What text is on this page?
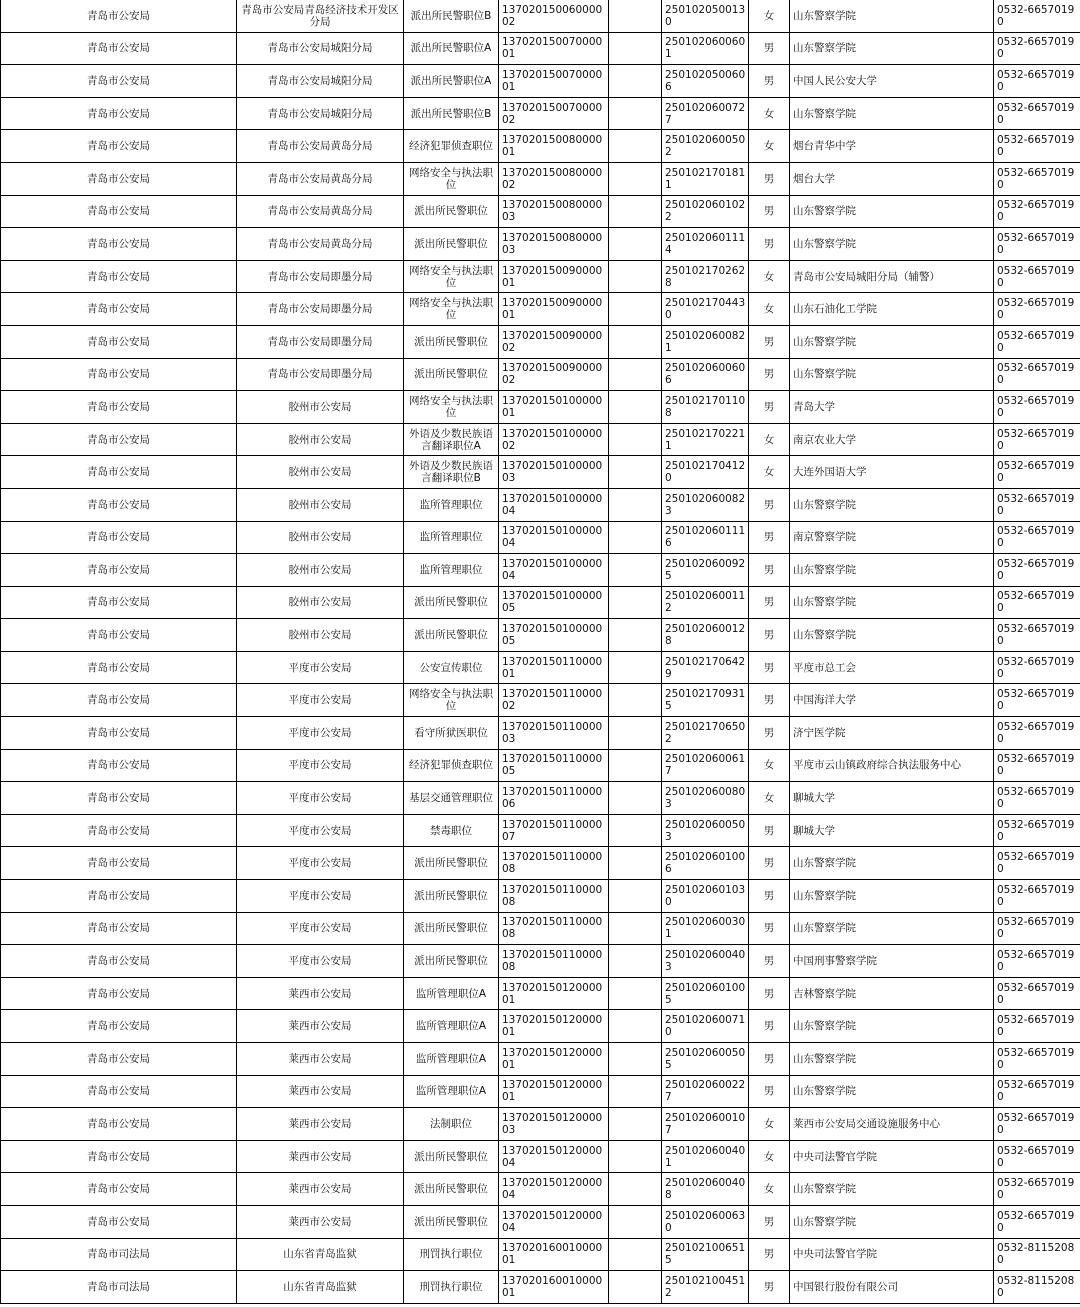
青岛市公安局	青岛市公安局青岛经济技术开发区分局	派出所民警职位B	13702015006000002		2501020500130	女	山东警察学院	0532-66570190
青岛市公安局	青岛市公安局城阳分局	派出所民警职位A	13702015007000001		2501020600601	男	山东警察学院	0532-66570190
青岛市公安局	青岛市公安局城阳分局	派出所民警职位A	13702015007000001		2501020500606	男	中国人民公安大学	0532-66570190
青岛市公安局	青岛市公安局城阳分局	派出所民警职位B	13702015007000002		2501020600727	女	山东警察学院	0532-66570190
青岛市公安局	青岛市公安局黄岛分局	经济犯罪侦查职位	13702015008000001		2501020600502	女	烟台青华中学	0532-66570190
青岛市公安局	青岛市公安局黄岛分局	网络安全与执法职位	13702015008000002		2501021701811	男	烟台大学	0532-66570190
青岛市公安局	青岛市公安局黄岛分局	派出所民警职位	13702015008000003		2501020601022	男	山东警察学院	0532-66570190
青岛市公安局	青岛市公安局黄岛分局	派出所民警职位	13702015008000003		2501020601114	男	山东警察学院	0532-66570190
青岛市公安局	青岛市公安局即墨分局	网络安全与执法职位	13702015009000001		2501021702628	女	青岛市公安局城阳分局（辅警）	0532-66570190
青岛市公安局	青岛市公安局即墨分局	网络安全与执法职位	13702015009000001		2501021704430	女	山东石油化工学院	0532-66570190
青岛市公安局	青岛市公安局即墨分局	派出所民警职位	13702015009000002		2501020600821	男	山东警察学院	0532-66570190
青岛市公安局	青岛市公安局即墨分局	派出所民警职位	13702015009000002		2501020600606	男	山东警察学院	0532-66570190
青岛市公安局	胶州市公安局	网络安全与执法职位	13702015010000001		2501021701108	男	青岛大学	0532-66570190
青岛市公安局	胶州市公安局	外语及少数民族语言翻译职位A	13702015010000002		2501021702211	女	南京农业大学	0532-66570190
青岛市公安局	胶州市公安局	外语及少数民族语言翻译职位B	13702015010000003		2501021704120	女	大连外国语大学	0532-66570190
青岛市公安局	胶州市公安局	监所管理职位	13702015010000004		2501020600823	男	山东警察学院	0532-66570190
青岛市公安局	胶州市公安局	监所管理职位	13702015010000004		2501020601116	男	南京警察学院	0532-66570190
青岛市公安局	胶州市公安局	监所管理职位	13702015010000004		2501020600925	男	山东警察学院	0532-66570190
青岛市公安局	胶州市公安局	派出所民警职位	13702015010000005		2501020600112	男	山东警察学院	0532-66570190
青岛市公安局	胶州市公安局	派出所民警职位	13702015010000005		2501020600128	男	山东警察学院	0532-66570190
青岛市公安局	平度市公安局	公安宣传职位	13702015011000001		2501021706429	男	平度市总工会	0532-66570190
青岛市公安局	平度市公安局	网络安全与执法职位	13702015011000002		2501021709315	男	中国海洋大学	0532-66570190
青岛市公安局	平度市公安局	看守所狱医职位	13702015011000003		2501021706502	男	济宁医学院	0532-66570190
青岛市公安局	平度市公安局	经济犯罪侦查职位	13702015011000005		2501020600617	女	平度市云山镇政府综合执法服务中心	0532-66570190
青岛市公安局	平度市公安局	基层交通管理职位	13702015011000006		2501020600803	女	聊城大学	0532-66570190
青岛市公安局	平度市公安局	禁毒职位	13702015011000007		2501020600503	男	聊城大学	0532-66570190
青岛市公安局	平度市公安局	派出所民警职位	13702015011000008		2501020601006	男	山东警察学院	0532-66570190
青岛市公安局	平度市公安局	派出所民警职位	13702015011000008		2501020601030	男	山东警察学院	0532-66570190
青岛市公安局	平度市公安局	派出所民警职位	13702015011000008		2501020600301	男	山东警察学院	0532-66570190
青岛市公安局	平度市公安局	派出所民警职位	13702015011000008		2501020600403	男	中国刑事警察学院	0532-66570190
青岛市公安局	莱西市公安局	监所管理职位A	13702015012000001		2501020601005	男	吉林警察学院	0532-66570190
青岛市公安局	莱西市公安局	监所管理职位A	13702015012000001		2501020600710	男	山东警察学院	0532-66570190
青岛市公安局	莱西市公安局	监所管理职位A	13702015012000001		2501020600505	男	山东警察学院	0532-66570190
青岛市公安局	莱西市公安局	监所管理职位A	13702015012000001		2501020600227	男	山东警察学院	0532-66570190
青岛市公安局	莱西市公安局	法制职位	13702015012000003		2501020600107	女	莱西市公安局交通设施服务中心	0532-66570190
青岛市公安局	莱西市公安局	派出所民警职位	13702015012000004		2501020600401	女	中央司法警官学院	0532-66570190
青岛市公安局	莱西市公安局	派出所民警职位	13702015012000004		2501020600408	女	山东警察学院	0532-66570190
青岛市公安局	莱西市公安局	派出所民警职位	13702015012000004		2501020600630	男	山东警察学院	0532-66570190
青岛市司法局	山东省青岛监狱	刑罚执行职位	13702016001000001		2501021006515	男	中央司法警官学院	0532-81152080
青岛市司法局	山东省青岛监狱	刑罚执行职位	13702016001000001		2501021004512	男	中国银行股份有限公司	0532-81152080
